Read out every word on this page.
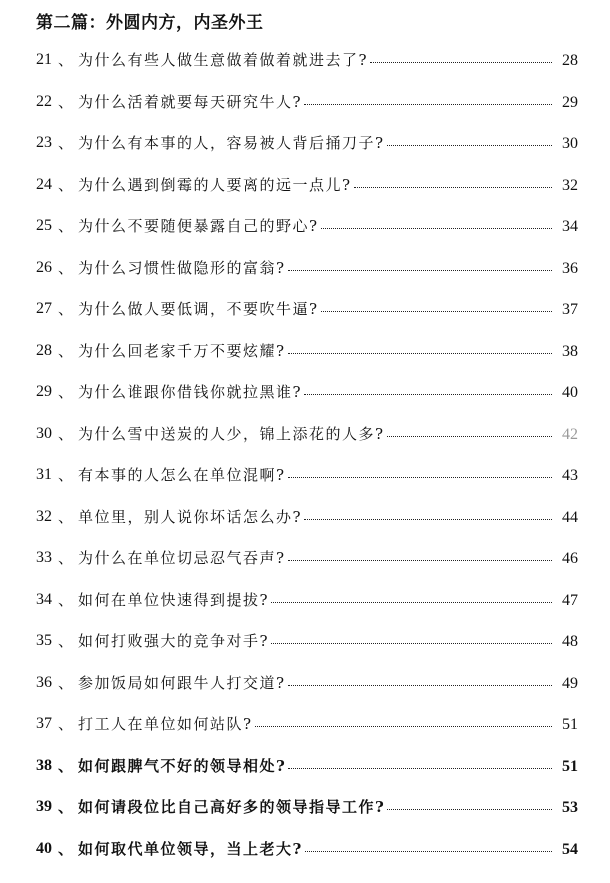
第二篇：外圆内方，内圣外王
21 、 为什么有些人做生意做着做着就进去了?	28
22 、 为什么活着就要每天研究牛人?	29
23 、 为什么有本事的人，容易被人背后捅刀子?	30
24 、 为什么遇到倒霉的人要离的远一点儿?	32
25 、 为什么不要随便暴露自己的野心?	34
26 、 为什么习惯性做隐形的富翁?	36
27 、 为什么做人要低调，不要吹牛逼?	37
28 、 为什么回老家千万不要炫耀?	38
29 、 为什么谁跟你借钱你就拉黑谁?	40
30 、 为什么雪中送炭的人少，锦上添花的人多?	42
31 、 有本事的人怎么在单位混啊?	43
32 、 单位里，别人说你坏话怎么办?	44
33 、 为什么在单位切忌忍气吞声?	46
34 、 如何在单位快速得到提拔?	47
35 、 如何打败强大的竞争对手?	48
36 、 参加饭局如何跟牛人打交道?	49
37 、 打工人在单位如何站队?	51
38 、 如何跟脾气不好的领导相处?	51
39 、 如何请段位比自己高好多的领导指导工作?	53
40 、 如何取代单位领导，当上老大?	54
